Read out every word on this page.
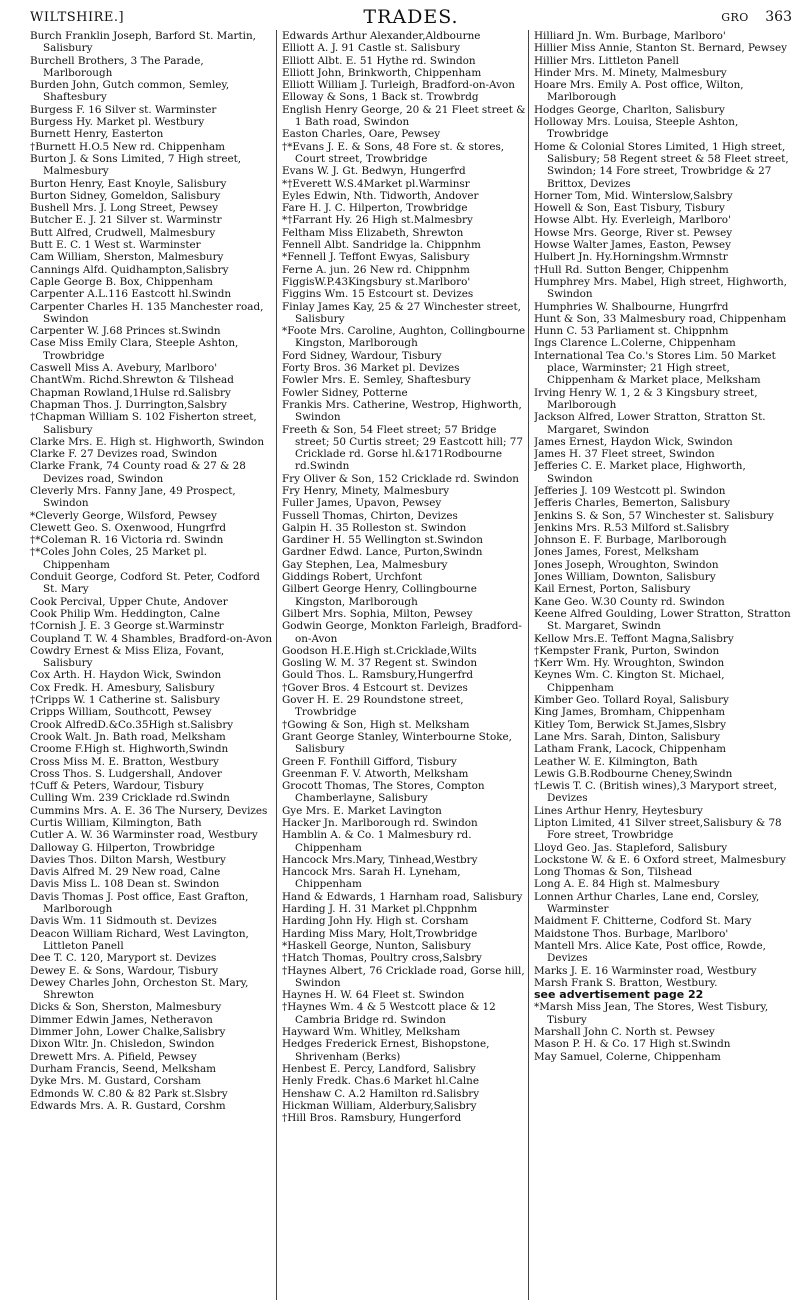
WILTSHIRE.]	TRADES.	GRO 363

Burch Franklin Joseph, Barford St. Martin, Salisbury

Burchell Brothers, 3 The Parade, Marlborough

Burden John, Gutch common, Semley, Shaftesbury

Burgess F. 16 Silver st. Warminster

Burgess Hy. Market pl. Westbury

Burnett Henry, Easterton

†Burnett H.O.5 New rd. Chippenham

Burton J. & Sons Limited, 7 High street, Malmesbury

Burton Henry, East Knoyle, Salisbury

Burton Sidney, Gomeldon, Salisbury

Bushell Mrs. J. Long Street, Pewsey

Butcher E. J. 21 Silver st. Warminstr

Butt Alfred, Crudwell, Malmesbury

Butt E. C. 1 West st. Warminster

Cam William, Sherston, Malmesbury

Cannings Alfd. Quidhampton,Salisbry

Caple George B. Box, Chippenham

Carpenter A.L.116 Eastcott hl.Swindn

Carpenter Charles H. 135 Manchester road, Swindon

Carpenter W. J.68 Princes st.Swindn

Case Miss Emily Clara, Steeple Ashton, Trowbridge

Caswell Miss A. Avebury, Marlboro'

ChantWm. Richd.Shrewton & Tilshead

Chapman Rowland,1Hulse rd.Salisbry

Chapman Thos. J. Durrington,Salsbry

†Chapman William S. 102 Fisherton street, Salisbury

Clarke Mrs. E. High st. Highworth, Swindon

Clarke F. 27 Devizes road, Swindon

Clarke Frank, 74 County road & 27 & 28 Devizes road, Swindon

Cleverly Mrs. Fanny Jane, 49 Prospect, Swindon

*Cleverly George, Wilsford, Pewsey

Clewett Geo. S. Oxenwood, Hungrfrd

†*Coleman R. 16 Victoria rd. Swindn

†*Coles John Coles, 25 Market pl. Chippenham

Conduit George, Codford St. Peter, Codford St. Mary

Cook Percival, Upper Chute, Andover

Cook Philip Wm. Heddington, Calne

†Cornish J. E. 3 George st.Warminstr

Coupland T. W. 4 Shambles, Bradford-on-Avon

Cowdry Ernest & Miss Eliza, Fovant, Salisbury

Cox Arth. H. Haydon Wick, Swindon

Cox Fredk. H. Amesbury, Salisbury

†Cripps W. 1 Catherine st. Salisbury

Cripps William, Southcott, Pewsey

Crook AlfredD.&Co.35High st.Salisbry

Crook Walt. Jn. Bath road, Melksham

Croome F.High st. Highworth,Swindn

Cross Miss M. E. Bratton, Westbury

Cross Thos. S. Ludgershall, Andover

†Cuff & Peters, Wardour, Tisbury

Culling Wm. 239 Cricklade rd.Swindn

Cummins Mrs. A. E. 36 The Nursery, Devizes

Curtis William, Kilmington, Bath

Cutler A. W. 36 Warminster road, Westbury

Dalloway G. Hilperton, Trowbridge

Davies Thos. Dilton Marsh, Westbury

Davis Alfred M. 29 New road, Calne

Davis Miss L. 108 Dean st. Swindon

Davis Thomas J. Post office, East Grafton, Marlborough

Davis Wm. 11 Sidmouth st. Devizes

Deacon William Richard, West Lavington, Littleton Panell

Dee T. C. 120, Maryport st. Devizes

Dewey E. & Sons, Wardour, Tisbury

Dewey Charles John, Orcheston St. Mary, Shrewton

Dicks & Son, Sherston, Malmesbury

Dimmer Edwin James, Netheravon

Dimmer John, Lower Chalke,Salisbry

Dixon Wltr. Jn. Chisledon, Swindon

Drewett Mrs. A. Pifield, Pewsey

Durham Francis, Seend, Melksham

Dyke Mrs. M. Gustard, Corsham

Edmonds W. C.80 & 82 Park st.Slsbry

Edwards Mrs. A. R. Gustard, Corshm

Edwards Arthur Alexander,Aldbourne

Elliott A. J. 91 Castle st. Salisbury

Elliott Albt. E. 51 Hythe rd. Swindon

Elliott John, Brinkworth, Chippenham

Elliott William J. Turleigh, Bradford-on-Avon

Elloway & Sons, 1 Back st. Trowbrdg

English Henry George, 20 & 21 Fleet street & 1 Bath road, Swindon

Easton Charles, Oare, Pewsey

†*Evans J. E. & Sons, 48 Fore st. & stores, Court street, Trowbridge

Evans W. J. Gt. Bedwyn, Hungerfrd

*†Everett W.S.4Market pl.Warminsr

Eyles Edwin, Nth. Tidworth, Andover

Fare H. J. C. Hilperton, Trowbridge

*†Farrant Hy. 26 High st.Malmesbry

Feltham Miss Elizabeth, Shrewton

Fennell Albt. Sandridge la. Chippnhm

*Fennell J. Teffont Ewyas, Salisbury

Ferne A. jun. 26 New rd. Chippnhm

FiggisW.P.43Kingsbury st.Marlboro'

Figgins Wm. 15 Estcourt st. Devizes

Finlay James Kay, 25 & 27 Winchester street, Salisbury

*Foote Mrs. Caroline, Aughton, Collingbourne Kingston, Marlborough

Ford Sidney, Wardour, Tisbury

Forty Bros. 36 Market pl. Devizes

Fowler Mrs. E. Semley, Shaftesbury

Fowler Sidney, Potterne

Frankis Mrs. Catherine, Westrop, Highworth, Swindon

Freeth & Son, 54 Fleet street; 57 Bridge street; 50 Curtis street; 29 Eastcott hill; 77 Cricklade rd. Gorse hl.&171Rodbourne rd.Swindn

Fry Oliver & Son, 152 Cricklade rd. Swindon

Fry Henry, Minety, Malmesbury

Fuller James, Upavon, Pewsey

Fussell Thomas, Chirton, Devizes

Galpin H. 35 Rolleston st. Swindon

Gardiner H. 55 Wellington st.Swindon

Gardner Edwd. Lance, Purton,Swindn

Gay Stephen, Lea, Malmesbury

Giddings Robert, Urchfont

Gilbert George Henry, Collingbourne Kingston, Marlborough

Gilbert Mrs. Sophia, Milton, Pewsey

Godwin George, Monkton Farleigh, Bradford-on-Avon

Goodson H.E.High st.Cricklade,Wilts

Gosling W. M. 37 Regent st. Swindon

Gould Thos. L. Ramsbury,Hungerfrd

†Gover Bros. 4 Estcourt st. Devizes

Gover H. E. 29 Roundstone street, Trowbridge

†Gowing & Son, High st. Melksham

Grant George Stanley, Winterbourne Stoke, Salisbury

Green F. Fonthill Gifford, Tisbury

Greenman F. V. Atworth, Melksham

Grocott Thomas, The Stores, Compton Chamberlayne, Salisbury

Gye Mrs. E. Market Lavington

Hacker Jn. Marlborough rd. Swindon

Hamblin A. & Co. 1 Malmesbury rd. Chippenham

Hancock Mrs.Mary, Tinhead,Westbry

Hancock Mrs. Sarah H. Lyneham, Chippenham

Hand & Edwards, 1 Harnham road, Salisbury

Harding J. H. 31 Market pl.Chppnhm

Harding John Hy. High st. Corsham

Harding Miss Mary, Holt,Trowbridge

*Haskell George, Nunton, Salisbury

†Hatch Thomas, Poultry cross,Salsbry

†Haynes Albert, 76 Cricklade road, Gorse hill, Swindon

Haynes H. W. 64 Fleet st. Swindon

†Haynes Wm. 4 & 5 Westcott place & 12 Cambria Bridge rd. Swindon

Hayward Wm. Whitley, Melksham

Hedges Frederick Ernest, Bishopstone, Shrivenham (Berks)

Henbest E. Percy, Landford, Salisbry

Henly Fredk. Chas.6 Market hl.Calne

Henshaw C. A.2 Hamilton rd.Salisbry

Hickman William, Alderbury,Salisbry

†Hill Bros. Ramsbury, Hungerford

Hilliard Jn. Wm. Burbage, Marlboro'

Hillier Miss Annie, Stanton St. Bernard, Pewsey

Hillier Mrs. Littleton Panell

Hinder Mrs. M. Minety, Malmesbury

Hoare Mrs. Emily A. Post office, Wilton, Marlborough

Hodges George, Charlton, Salisbury

Holloway Mrs. Louisa, Steeple Ashton, Trowbridge

Home & Colonial Stores Limited, 1 High street, Salisbury; 58 Regent street & 58 Fleet street, Swindon; 14 Fore street, Trowbridge & 27 Brittox, Devizes

Horner Tom, Mid. Winterslow,Salsbry

Howell & Son, East Tisbury, Tisbury

Howse Albt. Hy. Everleigh, Marlboro'

Howse Mrs. George, River st. Pewsey

Howse Walter James, Easton, Pewsey

Hulbert Jn. Hy.Horningshm.Wrmnstr

†Hull Rd. Sutton Benger, Chippenhm

Humphrey Mrs. Mabel, High street, Highworth, Swindon

Humphries W. Shalbourne, Hungrfrd

Hunt & Son, 33 Malmesbury road, Chippenham

Hunn C. 53 Parliament st. Chippnhm

Ings Clarence L.Colerne, Chippenham

International Tea Co.'s Stores Lim. 50 Market place, Warminster; 21 High street, Chippenham & Market place, Melksham

Irving Henry W. 1, 2 & 3 Kingsbury street, Marlborough

Jackson Alfred, Lower Stratton, Stratton St. Margaret, Swindon

James Ernest, Haydon Wick, Swindon

James H. 37 Fleet street, Swindon

Jefferies C. E. Market place, Highworth, Swindon

Jefferies J. 109 Westcott pl. Swindon

Jefferis Charles, Bemerton, Salisbury

Jenkins S. & Son, 57 Winchester st. Salisbury

Jenkins Mrs. R.53 Milford st.Salisbry

Johnson E. F. Burbage, Marlborough

Jones James, Forest, Melksham

Jones Joseph, Wroughton, Swindon

Jones William, Downton, Salisbury

Kail Ernest, Porton, Salisbury

Kane Geo. W.30 County rd. Swindon

Keene Alfred Goulding, Lower Stratton, Stratton St. Margaret, Swindn

Kellow Mrs.E. Teffont Magna,Salisbry

†Kempster Frank, Purton, Swindon

†Kerr Wm. Hy. Wroughton, Swindon

Keynes Wm. C. Kington St. Michael, Chippenham

Kimber Geo. Tollard Royal, Salisbury

King James, Bromham, Chippenham

Kitley Tom, Berwick St.James,Slsbry

Lane Mrs. Sarah, Dinton, Salisbury

Latham Frank, Lacock, Chippenham

Leather W. E. Kilmington, Bath

Lewis G.B.Rodbourne Cheney,Swindn

†Lewis T. C. (British wines),3 Maryport street, Devizes

Lines Arthur Henry, Heytesbury

Lipton Limited, 41 Silver street,Salisbury & 78 Fore street, Trowbridge

Lloyd Geo. Jas. Stapleford, Salisbury

Lockstone W. & E. 6 Oxford street, Malmesbury

Long Thomas & Son, Tilshead

Long A. E. 84 High st. Malmesbury

Lonnen Arthur Charles, Lane end, Corsley, Warminster

Maidment F. Chitterne, Codford St. Mary

Maidstone Thos. Burbage, Marlboro'

Mantell Mrs. Alice Kate, Post office, Rowde, Devizes

Marks J. E. 16 Warminster road, Westbury

Marsh Frank S. Bratton, Westbury.

see advertisement page 22

*Marsh Miss Jean, The Stores, West Tisbury, Tisbury

Marshall John C. North st. Pewsey

Mason P. H. & Co. 17 High st.Swindn

May Samuel, Colerne, Chippenham
